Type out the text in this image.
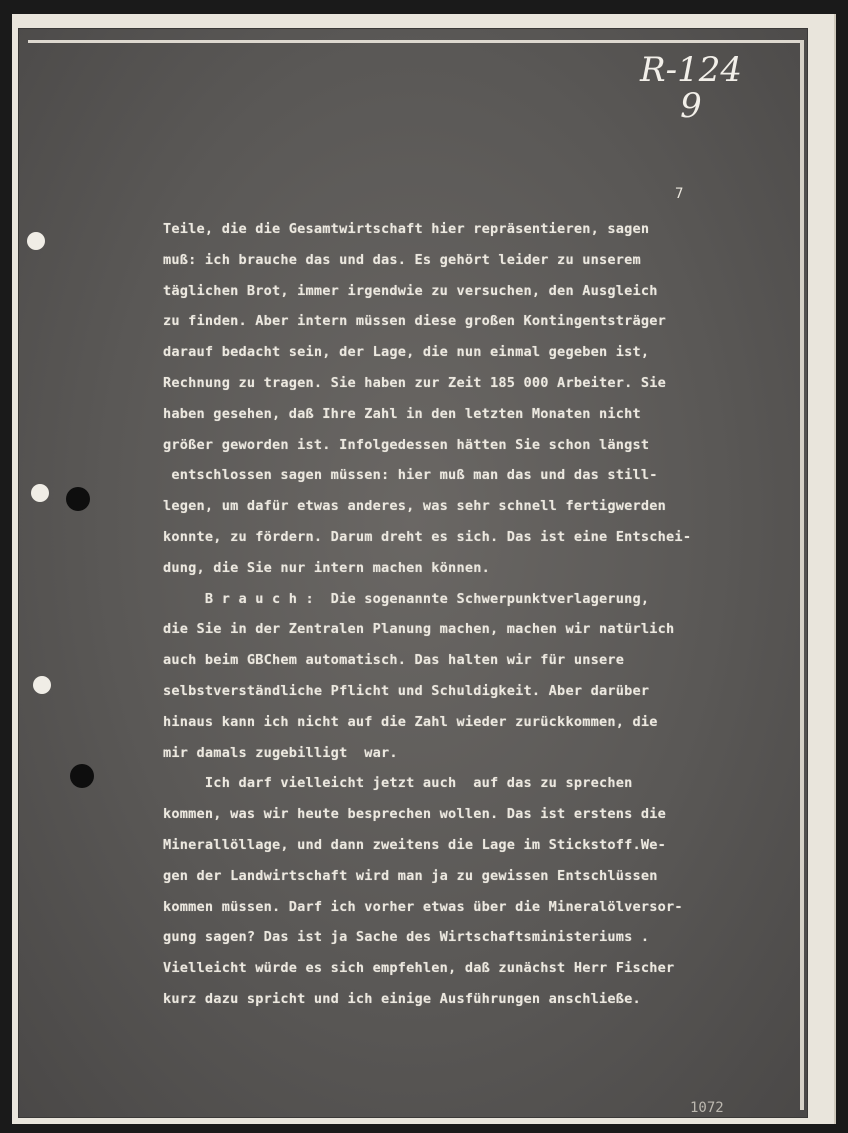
R-124
9
7
Teile, die die Gesamtwirtschaft hier repräsentieren, sagen
muß: ich brauche das und das. Es gehört leider zu unserem
täglichen Brot, immer irgendwie zu versuchen, den Ausgleich
zu finden. Aber intern müssen diese großen Kontingentsträger
darauf bedacht sein, der Lage, die nun einmal gegeben ist,
Rechnung zu tragen. Sie haben zur Zeit 185 000 Arbeiter. Sie
haben gesehen, daß Ihre Zahl in den letzten Monaten nicht
größer geworden ist. Infolgedessen hätten Sie schon längst
entschlossen sagen müssen: hier muß man das und das still-
legen, um dafür etwas anderes, was sehr schnell fertigwerden
konnte, zu fördern. Darum dreht es sich. Das ist eine Entschei-
dung, die Sie nur intern machen können.
B r a u c h :  Die sogenannte Schwerpunktverlagerung,
die Sie in der Zentralen Planung machen, machen wir natürlich
auch beim GBChem automatisch. Das halten wir für unsere
selbstverständliche Pflicht und Schuldigkeit. Aber darüber
hinaus kann ich nicht auf die Zahl wieder zurückkommen, die
mir damals zugebilligt  war.
Ich darf vielleicht jetzt auch  auf das zu sprechen
kommen, was wir heute besprechen wollen. Das ist erstens die
Minerallöllage, und dann zweitens die Lage im Stickstoff.We-
gen der Landwirtschaft wird man ja zu gewissen Entschlüssen
kommen müssen. Darf ich vorher etwas über die Mineralölversor-
gung sagen? Das ist ja Sache des Wirtschaftsministeriums .
Vielleicht würde es sich empfehlen, daß zunächst Herr Fischer
kurz dazu spricht und ich einige Ausführungen anschließe.
1072
